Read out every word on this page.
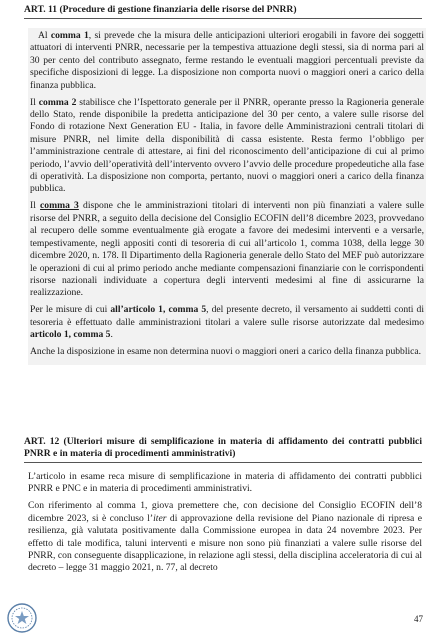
ART. 11 (Procedure di gestione finanziaria delle risorse del PNRR)

Al comma 1, si prevede che la misura delle anticipazioni ulteriori erogabili in favore dei soggetti attuatori di interventi PNRR, necessarie per la tempestiva attuazione degli stessi, sia di norma pari al 30 per cento del contributo assegnato, ferme restando le eventuali maggiori percentuali previste da specifiche disposizioni di legge. La disposizione non comporta nuovi o maggiori oneri a carico della finanza pubblica.

Il comma 2 stabilisce che l’Ispettorato generale per il PNRR, operante presso la Ragioneria generale dello Stato, rende disponibile la predetta anticipazione del 30 per cento, a valere sulle risorse del Fondo di rotazione Next Generation EU - Italia, in favore delle Amministrazioni centrali titolari di misure PNRR, nel limite della disponibilità di cassa esistente. Resta fermo l’obbligo per l’amministrazione centrale di attestare, ai fini del riconoscimento dell’anticipazione di cui al primo periodo, l’avvio dell’operatività dell’intervento ovvero l’avvio delle procedure propedeutiche alla fase di operatività. La disposizione non comporta, pertanto, nuovi o maggiori oneri a carico della finanza pubblica.

Il comma 3 dispone che le amministrazioni titolari di interventi non più finanziati a valere sulle risorse del PNRR, a seguito della decisione del Consiglio ECOFIN dell’8 dicembre 2023, provvedano al recupero delle somme eventualmente già erogate a favore dei medesimi interventi e a versarle, tempestivamente, negli appositi conti di tesoreria di cui all’articolo 1, comma 1038, della legge 30 dicembre 2020, n. 178. Il Dipartimento della Ragioneria generale dello Stato del MEF può autorizzare le operazioni di cui al primo periodo anche mediante compensazioni finanziarie con le corrispondenti risorse nazionali individuate a copertura degli interventi medesimi al fine di assicurarne la realizzazione.

Per le misure di cui all’articolo 1, comma 5, del presente decreto, il versamento ai suddetti conti di tesoreria è effettuato dalle amministrazioni titolari a valere sulle risorse autorizzate dal medesimo articolo 1, comma 5.

Anche la disposizione in esame non determina nuovi o maggiori oneri a carico della finanza pubblica.

ART. 12 (Ulteriori misure di semplificazione in materia di affidamento dei contratti pubblici PNRR e in materia di procedimenti amministrativi)

L’articolo in esame reca misure di semplificazione in materia di affidamento dei contratti pubblici PNRR e PNC e in materia di procedimenti amministrativi.

Con riferimento al comma 1, giova premettere che, con decisione del Consiglio ECOFIN dell’8 dicembre 2023, si è concluso l’iter di approvazione della revisione del Piano nazionale di ripresa e resilienza, già valutata positivamente dalla Commissione europea in data 24 novembre 2023. Per effetto di tale modifica, taluni interventi e misure non sono più finanziati a valere sulle risorse del PNRR, con conseguente disapplicazione, in relazione agli stessi, della disciplina acceleratoria di cui al decreto – legge 31 maggio 2021, n. 77, al decreto

47
